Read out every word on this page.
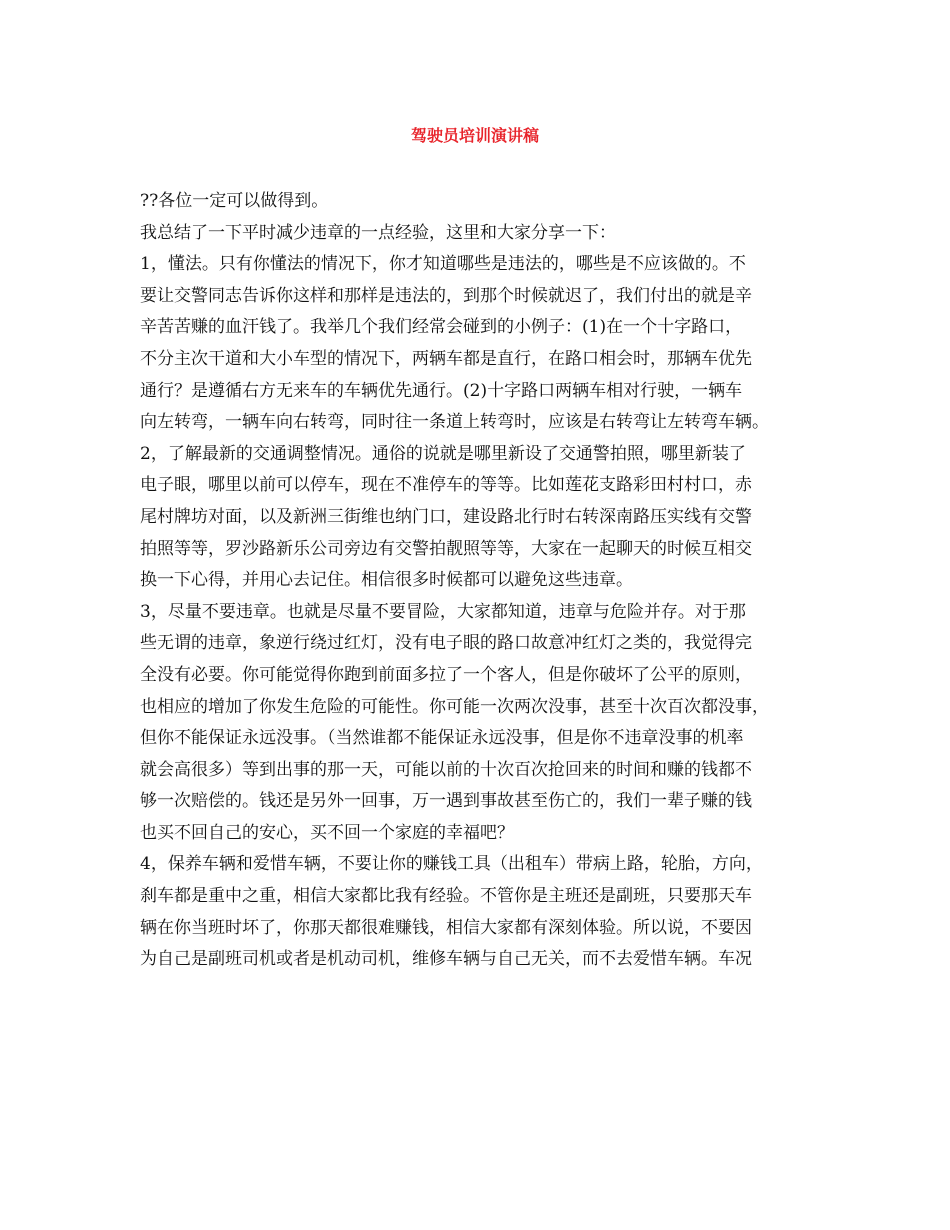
驾驶员培训演讲稿
??各位一定可以做得到。
我总结了一下平时减少违章的一点经验，这里和大家分享一下：
1，懂法。只有你懂法的情况下，你才知道哪些是违法的，哪些是不应该做的。不
要让交警同志告诉你这样和那样是违法的，到那个时候就迟了，我们付出的就是辛
辛苦苦赚的血汗钱了。我举几个我们经常会碰到的小例子：(1)在一个十字路口，
不分主次干道和大小车型的情况下，两辆车都是直行，在路口相会时，那辆车优先
通行？是遵循右方无来车的车辆优先通行。(2)十字路口两辆车相对行驶，一辆车
向左转弯，一辆车向右转弯，同时往一条道上转弯时，应该是右转弯让左转弯车辆。
2，了解最新的交通调整情况。通俗的说就是哪里新设了交通警拍照，哪里新装了
电子眼，哪里以前可以停车，现在不准停车的等等。比如莲花支路彩田村村口，赤
尾村牌坊对面，以及新洲三街维也纳门口，建设路北行时右转深南路压实线有交警
拍照等等，罗沙路新乐公司旁边有交警拍靓照等等，大家在一起聊天的时候互相交
换一下心得，并用心去记住。相信很多时候都可以避免这些违章。
3，尽量不要违章。也就是尽量不要冒险，大家都知道，违章与危险并存。对于那
些无谓的违章，象逆行绕过红灯，没有电子眼的路口故意冲红灯之类的，我觉得完
全没有必要。你可能觉得你跑到前面多拉了一个客人，但是你破坏了公平的原则，
也相应的增加了你发生危险的可能性。你可能一次两次没事，甚至十次百次都没事，
但你不能保证永远没事。（当然谁都不能保证永远没事，但是你不违章没事的机率
就会高很多）等到出事的那一天，可能以前的十次百次抢回来的时间和赚的钱都不
够一次赔偿的。钱还是另外一回事，万一遇到事故甚至伤亡的，我们一辈子赚的钱
也买不回自己的安心，买不回一个家庭的幸福吧？
4，保养车辆和爱惜车辆，不要让你的赚钱工具（出租车）带病上路，轮胎，方向，
刹车都是重中之重，相信大家都比我有经验。不管你是主班还是副班，只要那天车
辆在你当班时坏了，你那天都很难赚钱，相信大家都有深刻体验。所以说，不要因
为自己是副班司机或者是机动司机，维修车辆与自己无关，而不去爱惜车辆。车况
